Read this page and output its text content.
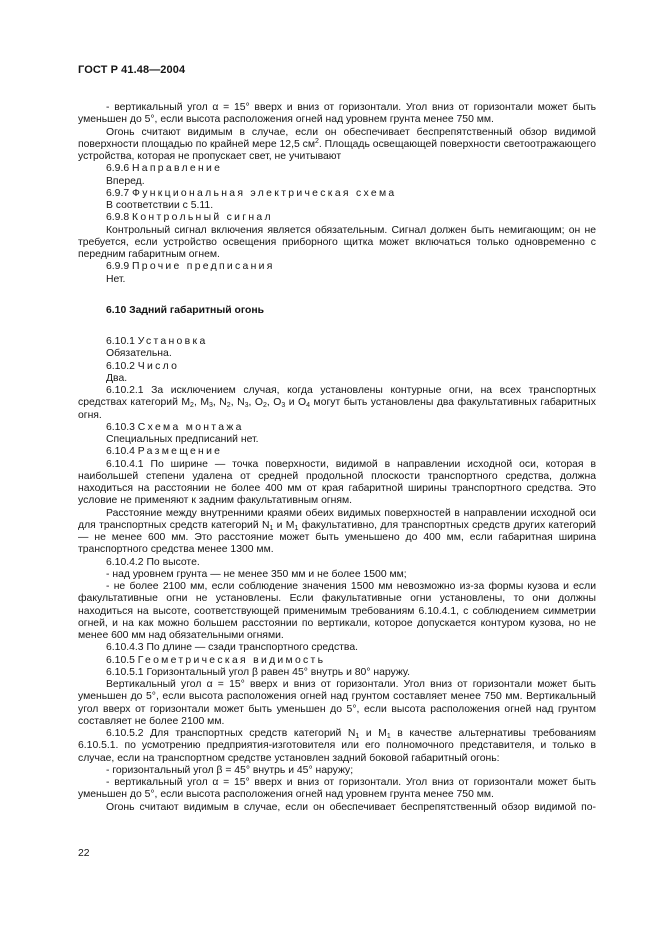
ГОСТ Р 41.48—2004

- вертикальный угол α = 15° вверх и вниз от горизонтали. Угол вниз от горизонтали может быть уменьшен до 5°, если высота расположения огней над уровнем грунта менее 750 мм.

Огонь считают видимым в случае, если он обеспечивает беспрепятственный обзор видимой поверхности площадью по крайней мере 12,5 $см^2$. Площадь освещающей поверхности светоотражающего устройства, которая не пропускает свет, не учитывают

6.9.6 Направление

Вперед.

6.9.7 Функциональная электрическая схема

В соответствии с 5.11.

6.9.8 Контрольный сигнал

Контрольный сигнал включения является обязательным. Сигнал должен быть немигающим; он не требуется, если устройство освещения приборного щитка может включаться только одновременно с передним габаритным огнем.

6.9.9 Прочие предписания

Нет.

6.10 Задний габаритный огонь

6.10.1 Установка

Обязательна.

6.10.2 Число

Два.

6.10.2.1 За исключением случая, когда установлены контурные огни, на всех транспортных средствах категорий $M_2$, $M_3$, $N_2$, $N_3$, $O_2$, $O_3$ и $O_4$ могут быть установлены два факультативных габаритных огня.

6.10.3 Схема монтажа

Специальных предписаний нет.

6.10.4 Размещение

6.10.4.1 По ширине — точка поверхности, видимой в направлении исходной оси, которая в наибольшей степени удалена от средней продольной плоскости транспортного средства, должна находиться на расстоянии не более 400 мм от края габаритной ширины транспортного средства. Это условие не применяют к задним факультативным огням.

Расстояние между внутренними краями обеих видимых поверхностей в направлении исходной оси для транспортных средств категорий $N_1$ и $M_1$ факультативно, для транспортных средств других категорий — не менее 600 мм. Это расстояние может быть уменьшено до 400 мм, если габаритная ширина транспортного средства менее 1300 мм.

6.10.4.2 По высоте.

- над уровнем грунта — не менее 350 мм и не более 1500 мм;

- не более 2100 мм, если соблюдение значения 1500 мм невозможно из-за формы кузова и если факультативные огни не установлены. Если факультативные огни установлены, то они должны находиться на высоте, соответствующей применимым требованиям 6.10.4.1, с соблюдением симметрии огней, и на как можно большем расстоянии по вертикали, которое допускается контуром кузова, но не менее 600 мм над обязательными огнями.

6.10.4.3 По длине — сзади транспортного средства.

6.10.5 Геометрическая видимость

6.10.5.1 Горизонтальный угол β равен 45° внутрь и 80° наружу.

Вертикальный угол α = 15° вверх и вниз от горизонтали. Угол вниз от горизонтали может быть уменьшен до 5°, если высота расположения огней над грунтом составляет менее 750 мм. Вертикальный угол вверх от горизонтали может быть уменьшен до 5°, если высота расположения огней над грунтом составляет не более 2100 мм.

6.10.5.2 Для транспортных средств категорий $N_1$ и $M_1$ в качестве альтернативы требованиям 6.10.5.1. по усмотрению предприятия-изготовителя или его полномочного представителя, и только в случае, если на транспортном средстве установлен задний боковой габаритный огонь:

- горизонтальный угол β = 45° внутрь и 45° наружу;

- вертикальный угол α = 15° вверх и вниз от горизонтали. Угол вниз от горизонтали может быть уменьшен до 5°, если высота расположения огней над уровнем грунта менее 750 мм.

Огонь считают видимым в случае, если он обеспечивает беспрепятственный обзор видимой по-

22
